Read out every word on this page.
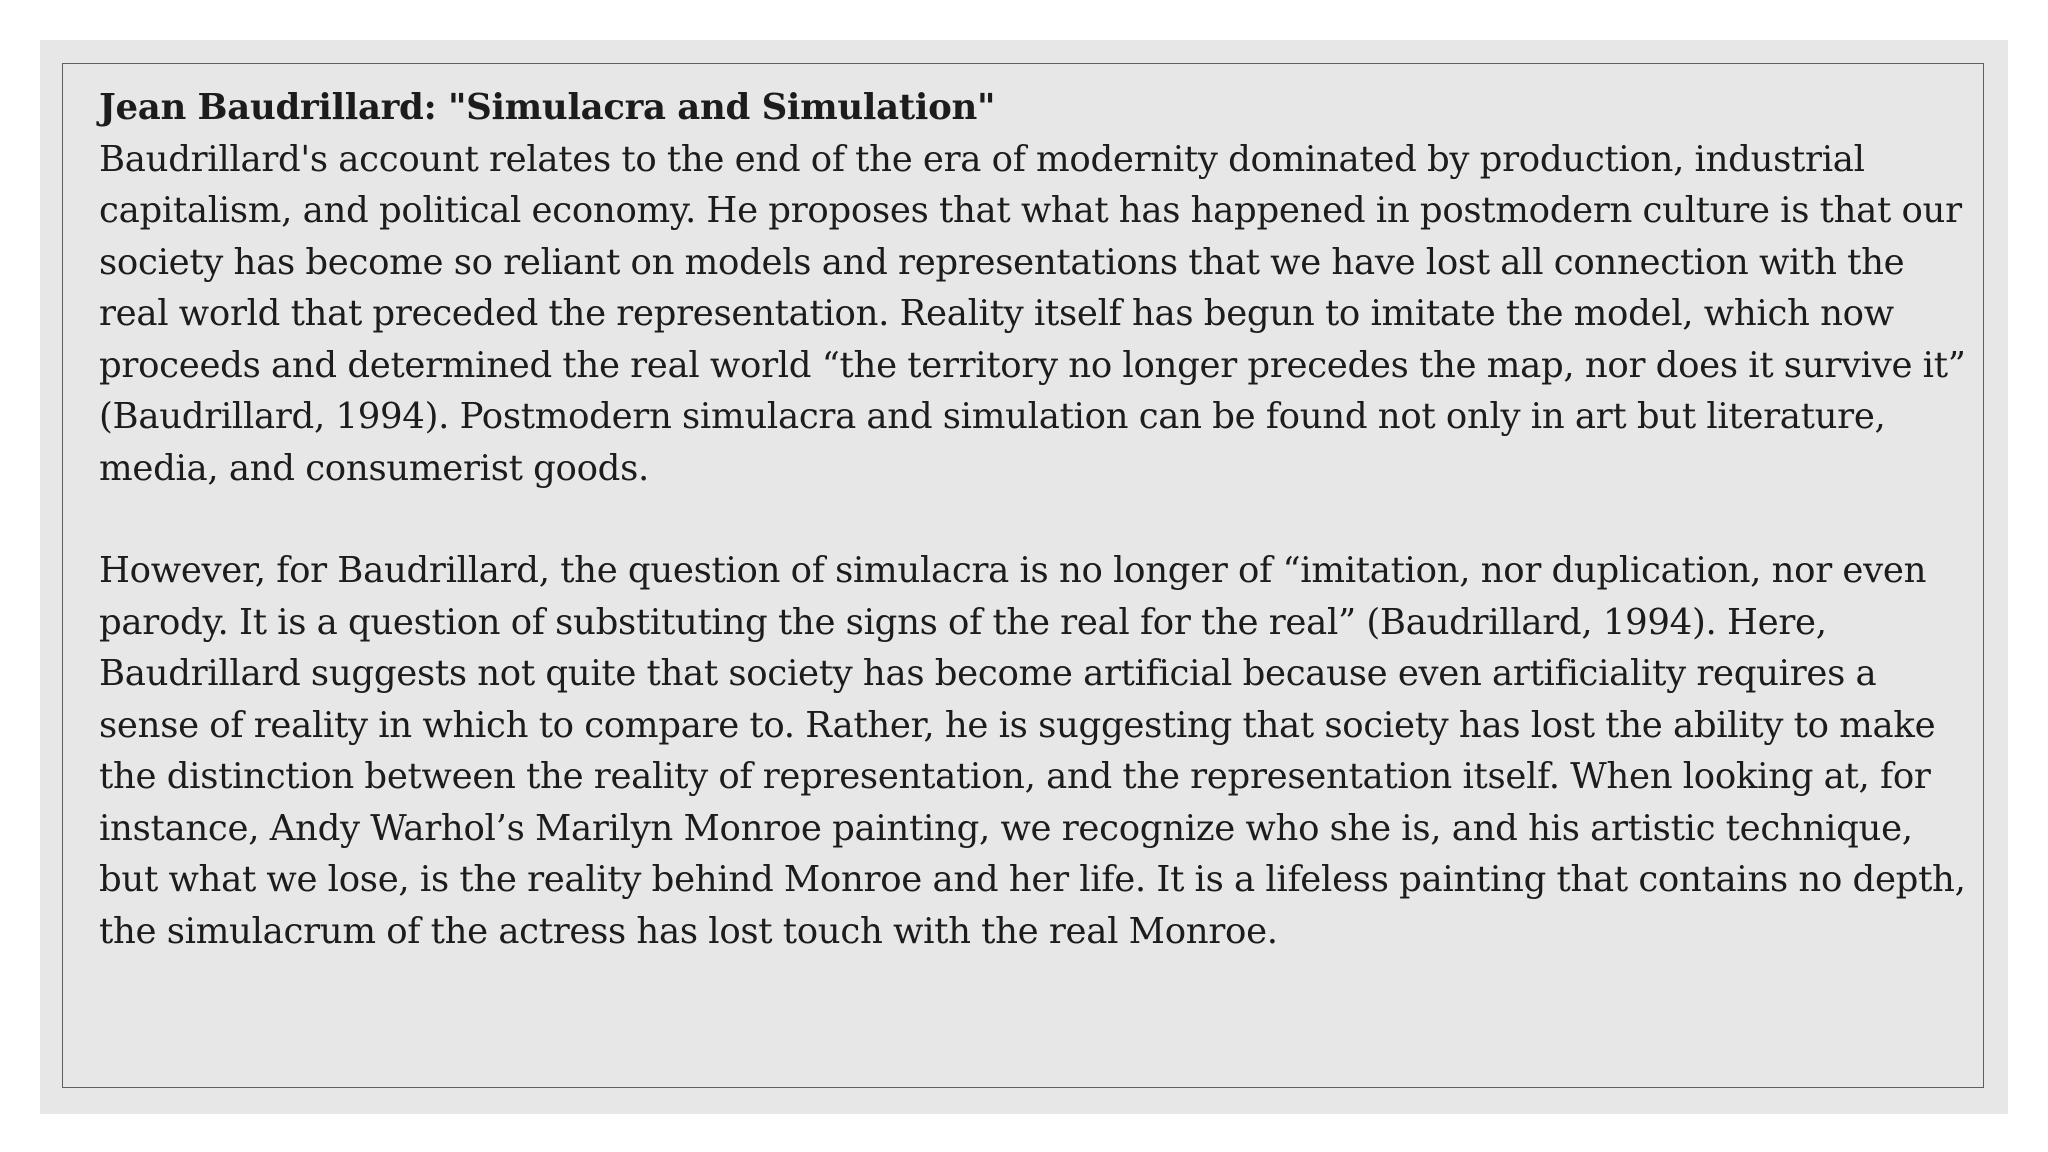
Jean Baudrillard: "Simulacra and Simulation"

Baudrillard's account relates to the end of the era of modernity dominated by production, industrial capitalism, and political economy. He proposes that what has happened in postmodern culture is that our society has become so reliant on models and representations that we have lost all connection with the real world that preceded the representation. Reality itself has begun to imitate the model, which now proceeds and determined the real world “the territory no longer precedes the map, nor does it survive it” (Baudrillard, 1994). Postmodern simulacra and simulation can be found not only in art but literature, media, and consumerist goods.

However, for Baudrillard, the question of simulacra is no longer of “imitation, nor duplication, nor even parody. It is a question of substituting the signs of the real for the real” (Baudrillard, 1994). Here, Baudrillard suggests not quite that society has become artificial because even artificiality requires a sense of reality in which to compare to. Rather, he is suggesting that society has lost the ability to make the distinction between the reality of representation, and the representation itself. When looking at, for instance, Andy Warhol’s Marilyn Monroe painting, we recognize who she is, and his artistic technique, but what we lose, is the reality behind Monroe and her life. It is a lifeless painting that contains no depth, the simulacrum of the actress has lost touch with the real Monroe.
